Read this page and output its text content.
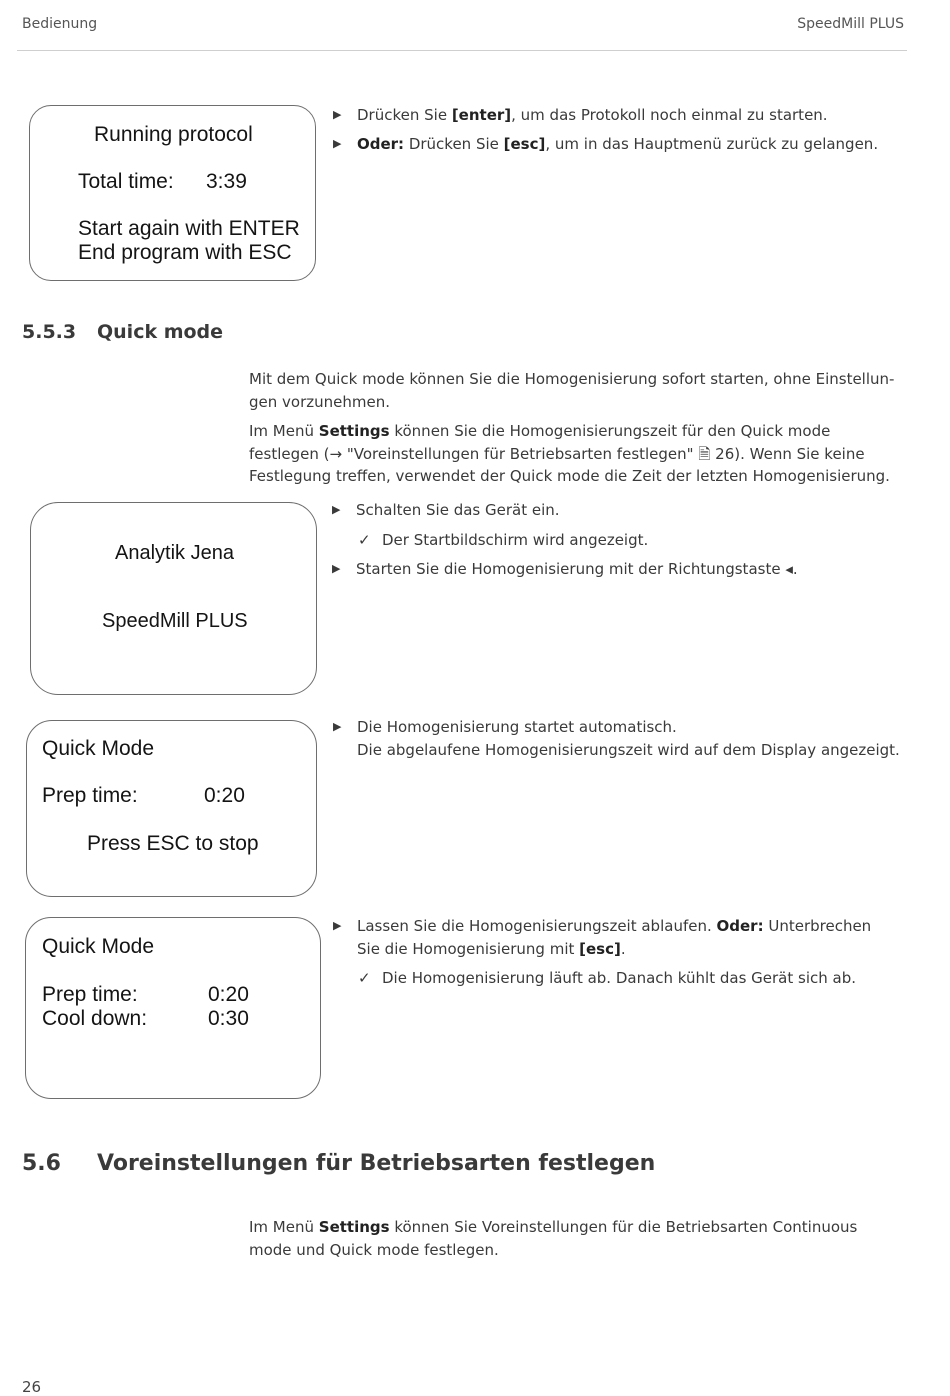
Bedienung	SpeedMill PLUS
Running protocol
Total time: 3:39
Start again with ENTER
End program with ESC
▶ Drücken Sie [enter], um das Protokoll noch einmal zu starten.
▶ Oder: Drücken Sie [esc], um in das Hauptmenü zurück zu gelangen.
5.5.3 Quick mode
Mit dem Quick mode können Sie die Homogenisierung sofort starten, ohne Einstellun-gen vorzunehmen.
Im Menü Settings können Sie die Homogenisierungszeit für den Quick mode festlegen (→ "Voreinstellungen für Betriebsarten festlegen" 🗎 26). Wenn Sie keine Festlegung treffen, verwendet der Quick mode die Zeit der letzten Homogenisierung.
Analytik Jena
SpeedMill PLUS
▶ Schalten Sie das Gerät ein.
✓ Der Startbildschirm wird angezeigt.
▶ Starten Sie die Homogenisierung mit der Richtungstaste ◂.
Quick Mode
Prep time:	0:20
Press ESC to stop
▶ Die Homogenisierung startet automatisch.
Die abgelaufene Homogenisierungszeit wird auf dem Display angezeigt.
Quick Mode
Prep time:	0:20
Cool down:	0:30
▶ Lassen Sie die Homogenisierungszeit ablaufen. Oder: Unterbrechen Sie die Homogenisierung mit [esc].
✓ Die Homogenisierung läuft ab. Danach kühlt das Gerät sich ab.
5.6 Voreinstellungen für Betriebsarten festlegen
Im Menü Settings können Sie Voreinstellungen für die Betriebsarten Continuous mode und Quick mode festlegen.
26
